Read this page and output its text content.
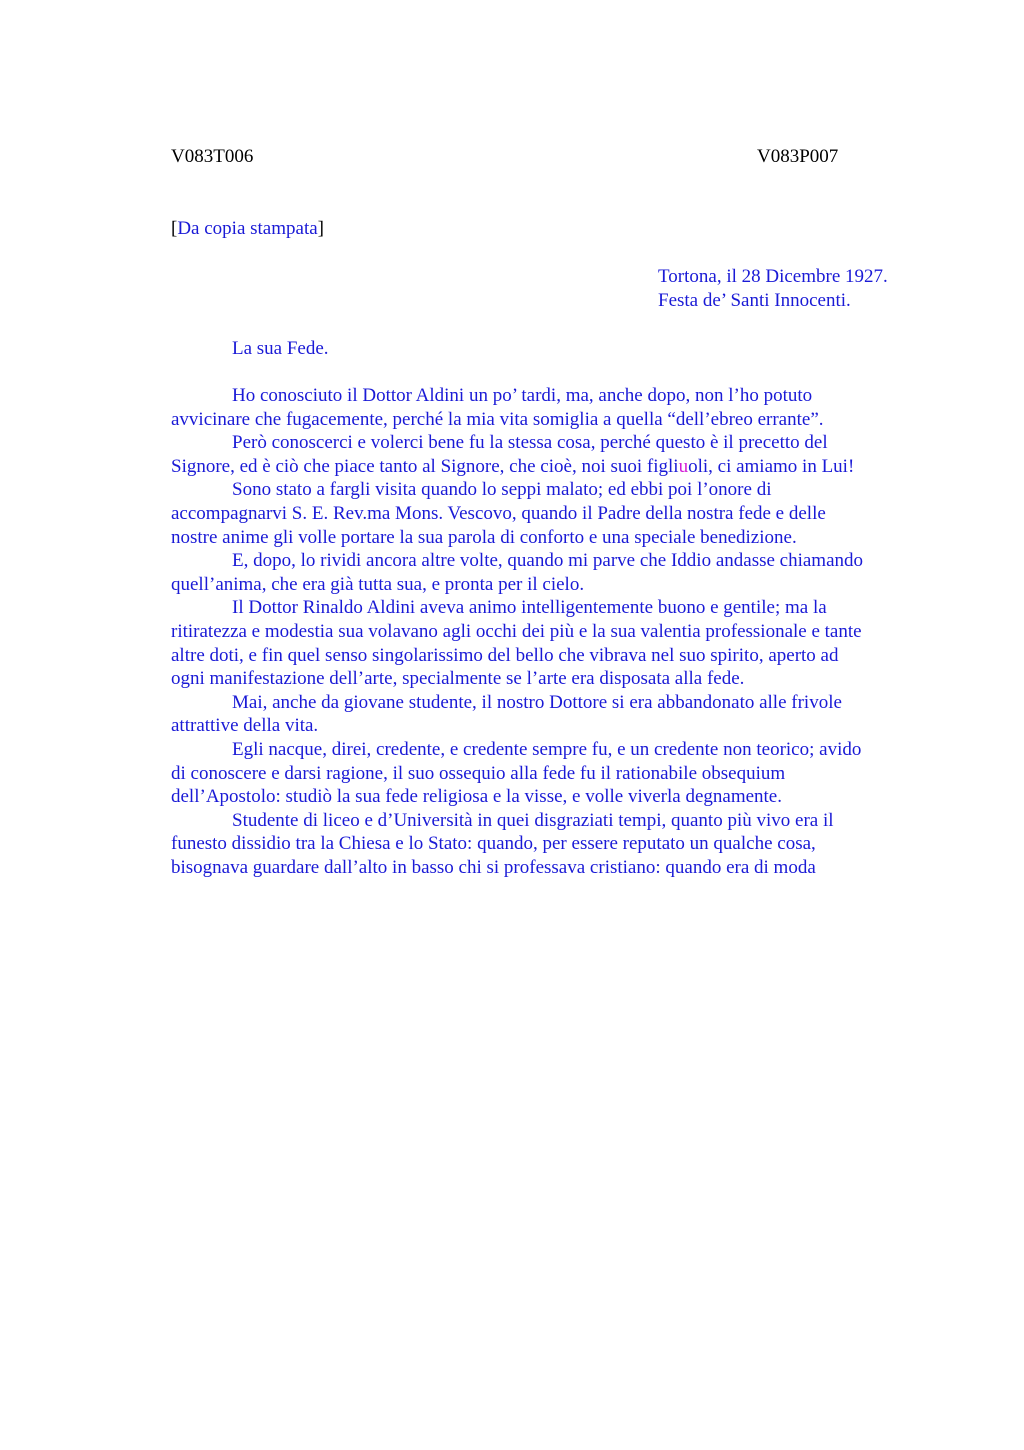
V083T006	V083P007
[Da copia stampata]
Tortona, il 28 Dicembre 1927.
Festa de’ Santi Innocenti.
La sua Fede.
Ho conosciuto il Dottor Aldini un po’ tardi, ma, anche dopo, non l’ho potuto
avvicinare che fugacemente, perché la mia vita somiglia a quella “dell’ebreo errante”.
Però conoscerci e volerci bene fu la stessa cosa, perché questo è il precetto del
Signore, ed è ciò che piace tanto al Signore, che cioè, noi suoi figliuoli, ci amiamo in Lui!
Sono stato a fargli visita quando lo seppi malato; ed ebbi poi l’onore di
accompagnarvi S. E. Rev.ma Mons. Vescovo, quando il Padre della nostra fede e delle
nostre anime gli volle portare la sua parola di conforto e una speciale benedizione.
E, dopo, lo rividi ancora altre volte, quando mi parve che Iddio andasse chiamando
quell’anima, che era già tutta sua, e pronta per il cielo.
Il Dottor Rinaldo Aldini aveva animo intelligentemente buono e gentile; ma la
ritiratezza e modestia sua volavano agli occhi dei più e la sua valentia professionale e tante
altre doti, e fin quel senso singolarissimo del bello che vibrava nel suo spirito, aperto ad
ogni manifestazione dell’arte, specialmente se l’arte era disposata alla fede.
Mai, anche da giovane studente, il nostro Dottore si era abbandonato alle frivole
attrattive della vita.
Egli nacque, direi, credente, e credente sempre fu, e un credente non teorico; avido
di conoscere e darsi ragione, il suo ossequio alla fede fu il rationabile obsequium
dell’Apostolo: studiò la sua fede religiosa e la visse, e volle viverla degnamente.
Studente di liceo e d’Università in quei disgraziati tempi, quanto più vivo era il
funesto dissidio tra la Chiesa e lo Stato: quando, per essere reputato un qualche cosa,
bisognava guardare dall’alto in basso chi si professava cristiano: quando era di moda
